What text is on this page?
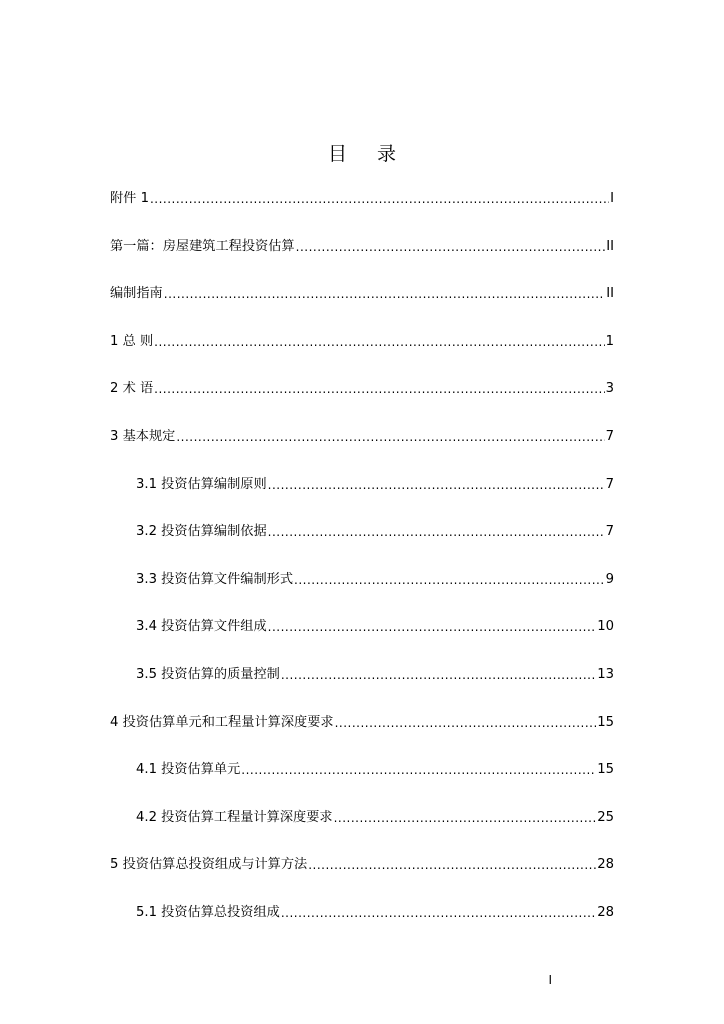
目 录
附件 1 .....	I
第一篇：房屋建筑工程投资估算 .....	II
编制指南 .....	II
1 总 则 .....	1
2 术 语 .....	3
3 基本规定 .....	7
3.1 投资估算编制原则 .....	7
3.2 投资估算编制依据 .....	7
3.3 投资估算文件编制形式 .....	9
3.4 投资估算文件组成 .....	10
3.5 投资估算的质量控制 .....	13
4 投资估算单元和工程量计算深度要求 .....	15
4.1 投资估算单元 .....	15
4.2 投资估算工程量计算深度要求 .....	25
5 投资估算总投资组成与计算方法 .....	28
5.1 投资估算总投资组成 .....	28
I
